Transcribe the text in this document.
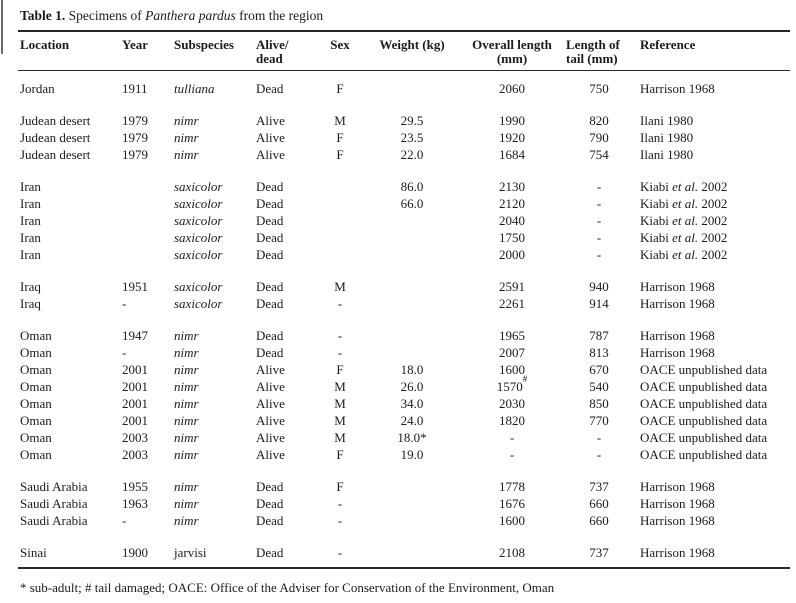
Table 1. Specimens of Panthera pardus from the region
Location	Year	Subspecies	Alive/
dead	Sex	Weight (kg)	Overall length
(mm)	Length of
tail (mm)	Reference
Jordan	1911	tulliana	Dead	F		2060	750	Harrison 1968

Judean desert	1979	nimr	Alive	M	29.5	1990	820	Ilani 1980
Judean desert	1979	nimr	Alive	F	23.5	1920	790	Ilani 1980
Judean desert	1979	nimr	Alive	F	22.0	1684	754	Ilani 1980

Iran		saxicolor	Dead		86.0	2130	-	Kiabi et al. 2002
Iran		saxicolor	Dead		66.0	2120	-	Kiabi et al. 2002
Iran		saxicolor	Dead			2040	-	Kiabi et al. 2002
Iran		saxicolor	Dead			1750	-	Kiabi et al. 2002
Iran		saxicolor	Dead			2000	-	Kiabi et al. 2002

Iraq	1951	saxicolor	Dead	M		2591	940	Harrison 1968
Iraq	-	saxicolor	Dead	-		2261	914	Harrison 1968

Oman	1947	nimr	Dead	-		1965	787	Harrison 1968
Oman	-	nimr	Dead	-		2007	813	Harrison 1968
Oman	2001	nimr	Alive	F	18.0	1600	670	OACE unpublished data
Oman	2001	nimr	Alive	M	26.0	1570#	540	OACE unpublished data
Oman	2001	nimr	Alive	M	34.0	2030	850	OACE unpublished data
Oman	2001	nimr	Alive	M	24.0	1820	770	OACE unpublished data
Oman	2003	nimr	Alive	M	18.0*	-	-	OACE unpublished data
Oman	2003	nimr	Alive	F	19.0	-	-	OACE unpublished data

Saudi Arabia	1955	nimr	Dead	F		1778	737	Harrison 1968
Saudi Arabia	1963	nimr	Dead	-		1676	660	Harrison 1968
Saudi Arabia	-	nimr	Dead	-		1600	660	Harrison 1968

Sinai	1900	jarvisi	Dead	-		2108	737	Harrison 1968
* sub-adult; # tail damaged; OACE: Office of the Adviser for Conservation of the Environment, Oman
